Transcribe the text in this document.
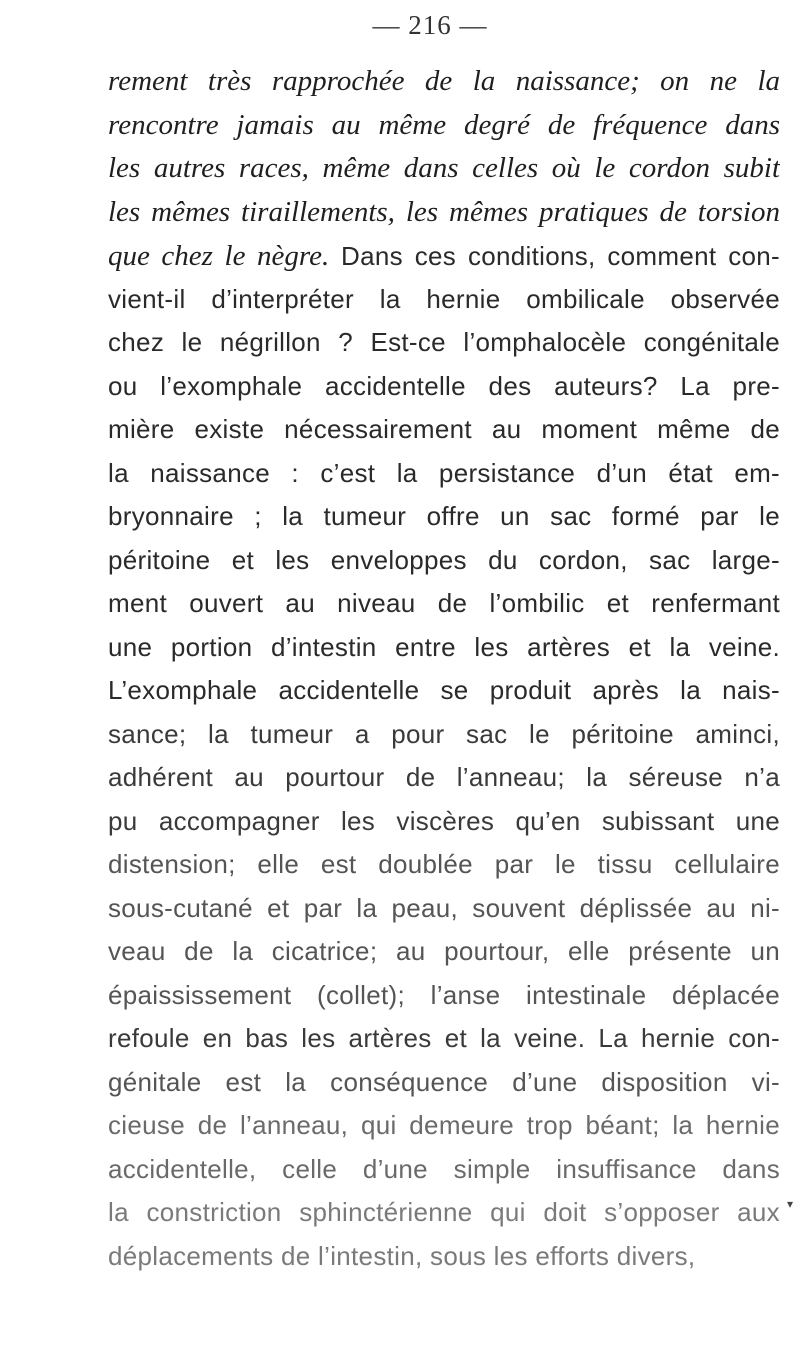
— 216 —
rement très rapprochée de la naissance; on ne la
rencontre jamais au même degré de fréquence dans
les autres races, même dans celles où le cordon subit
les mêmes tiraillements, les mêmes pratiques de torsion
que chez le nègre. Dans ces conditions, comment con-
vient-il d’interpréter la hernie ombilicale observée
chez le négrillon ? Est-ce l’omphalocèle congénitale
ou l’exomphale accidentelle des auteurs? La pre-
mière existe nécessairement au moment même de
la naissance : c’est la persistance d’un état em-
bryonnaire ; la tumeur offre un sac formé par le
péritoine et les enveloppes du cordon, sac large-
ment ouvert au niveau de l’ombilic et renfermant
une portion d’intestin entre les artères et la veine.
L’exomphale accidentelle se produit après la nais-
sance; la tumeur a pour sac le péritoine aminci,
adhérent au pourtour de l’anneau; la séreuse n’a
pu accompagner les viscères qu’en subissant une
distension; elle est doublée par le tissu cellulaire
sous-cutané et par la peau, souvent déplissée au ni-
veau de la cicatrice; au pourtour, elle présente un
épaississement (collet); l’anse intestinale déplacée
refoule en bas les artères et la veine. La hernie con-
génitale est la conséquence d’une disposition vi-
cieuse de l’anneau, qui demeure trop béant; la hernie
accidentelle, celle d’une simple insuffisance dans
la constriction sphinctérienne qui doit s’opposer aux
déplacements de l’intestin, sous les efforts divers,
▾
